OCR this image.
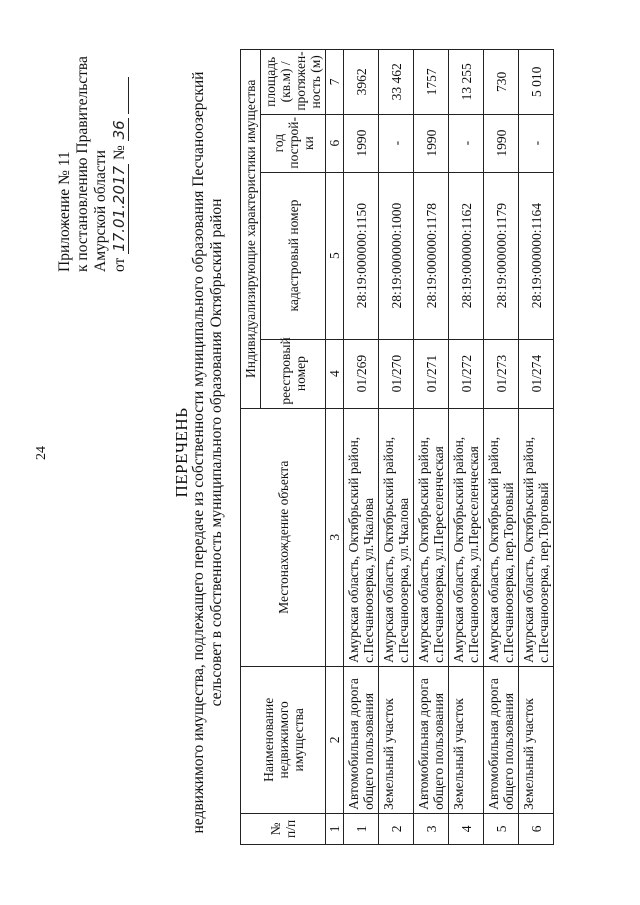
24
Приложение № 11 к постановлению Правительства Амурской области от 17.01.2017 № 36
ПЕРЕЧЕНЬ недвижимого имущества, подлежащего передаче из собственности муниципального образования Песчаноозерский сельсовет в собственность муниципального образования Октябрьский район
№ п/п	Наименование недвижимого имущества	Местонахождение объекта	Индивидуализирующие характеристики имущества			
			реестровый номер	кадастровый номер	год построй-ки	площадь (кв.м) / протяжен-ность (м)
1	2	3	4	5	6	7
1	Автомобильная дорога общего пользования	Амурская область, Октябрьский район, с.Песчаноозерка, ул.Чкалова	01/269	28:19:000000:1150	1990	3962
2	Земельный участок	Амурская область, Октябрьский район, с.Песчаноозерка, ул.Чкалова	01/270	28:19:000000:1000	-	33 462
3	Автомобильная дорога общего пользования	Амурская область, Октябрьский район, с.Песчаноозерка, ул.Переселенческая	01/271	28:19:000000:1178	1990	1757
4	Земельный участок	Амурская область, Октябрьский район, с.Песчаноозерка, ул.Переселенческая	01/272	28:19:000000:1162	-	13 255
5	Автомобильная дорога общего пользования	Амурская область, Октябрьский район, с.Песчаноозерка, пер.Торговый	01/273	28:19:000000:1179	1990	730
6	Земельный участок	Амурская область, Октябрьский район, с.Песчаноозерка, пер.Торговый	01/274	28:19:000000:1164	-	5 010
